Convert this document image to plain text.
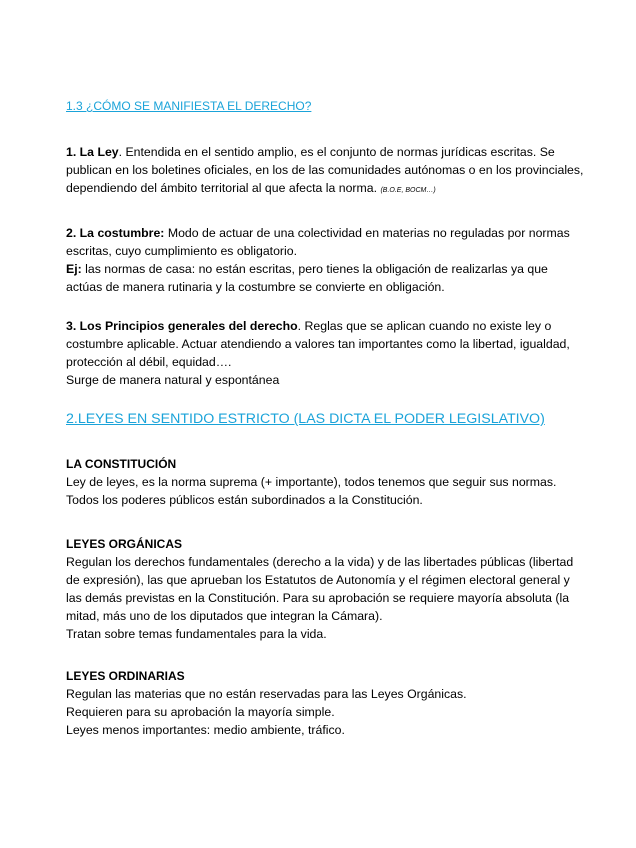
1.3 ¿CÓMO SE MANIFIESTA EL DERECHO?

1. La Ley. Entendida en el sentido amplio, es el conjunto de normas jurídicas escritas. Se publican en los boletines oficiales, en los de las comunidades autónomas o en los provinciales, dependiendo del ámbito territorial al que afecta la norma. (B.O.E, BOCM…)

2. La costumbre: Modo de actuar de una colectividad en materias no reguladas por normas escritas, cuyo cumplimiento es obligatorio.

Ej: las normas de casa: no están escritas, pero tienes la obligación de realizarlas ya que actúas de manera rutinaria y la costumbre se convierte en obligación.

3. Los Principios generales del derecho. Reglas que se aplican cuando no existe ley o costumbre aplicable. Actuar atendiendo a valores tan importantes como la libertad, igualdad, protección al débil, equidad….

Surge de manera natural y espontánea

2.LEYES EN SENTIDO ESTRICTO (LAS DICTA EL PODER LEGISLATIVO)

LA CONSTITUCIÓN

Ley de leyes, es la norma suprema (+ importante), todos tenemos que seguir sus normas. Todos los poderes públicos están subordinados a la Constitución.

LEYES ORGÁNICAS

Regulan los derechos fundamentales (derecho a la vida) y de las libertades públicas (libertad de expresión), las que aprueban los Estatutos de Autonomía y el régimen electoral general y las demás previstas en la Constitución. Para su aprobación se requiere mayoría absoluta (la mitad, más uno de los diputados que integran la Cámara).

Tratan sobre temas fundamentales para la vida.

LEYES ORDINARIAS

Regulan las materias que no están reservadas para las Leyes Orgánicas.

Requieren para su aprobación la mayoría simple.

Leyes menos importantes: medio ambiente, tráfico.
